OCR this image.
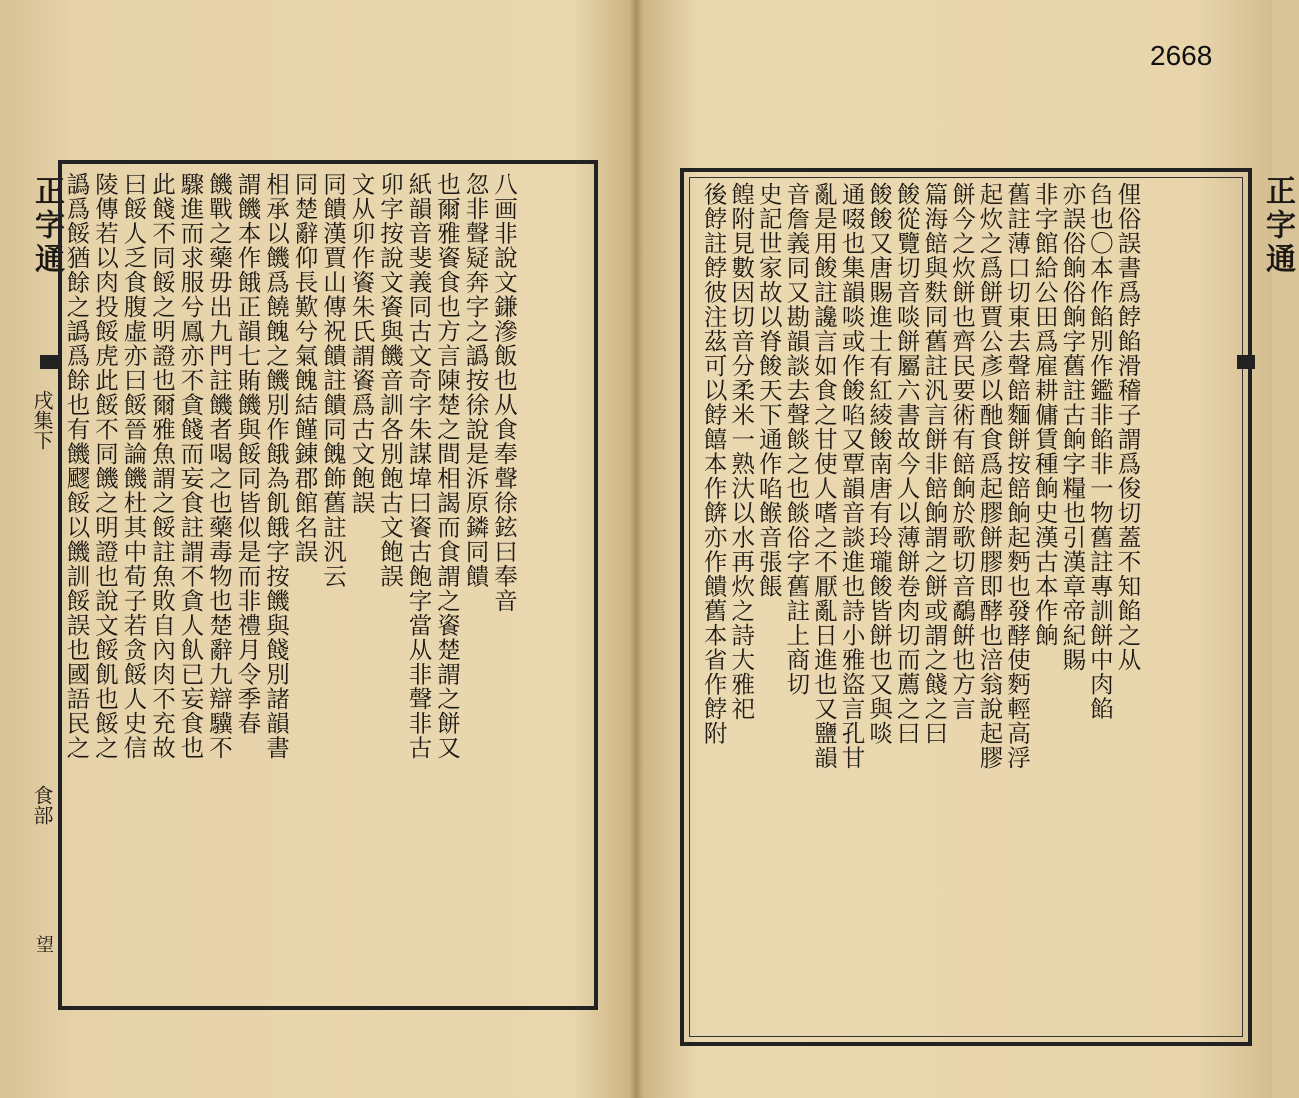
2668
正字通
戌集下
食部
望
八画非說文鎌滲飯也从食奉聲徐鉉曰奉音
忽非聲疑奔字之譌按徐說是泝原鏻同饋
也爾雅餈食也方言陳楚之間相謁而食謂之餈楚謂之餅又
紙韻音斐義同古文奇字朱謀㙔曰餈古飽字當从非聲非古
卯字按說文餈與饑音訓各別飽古文飽誤
文从卯作餈朱氏謂餈爲古文飽誤
同饋漢賈山傳祝饋註饋同餽飾舊註汎云
同楚辭仰長歎兮氣餽結饉錬郡館名誤
相承以饑爲饒餽之饑別作餓為飢餓字按饑與餞別諸韻書
謂饑本作餓正韻七賄饑與餒同皆似是而非禮月令季春
饑戰之藥毋出九門註饑者喝之也藥毒物也楚辭九辯驥不
驟進而求服兮鳳亦不貪餞而妄食註謂不貪人飤已妄食也
此餞不同餒之明證也爾雅魚謂之餒註魚敗自內肉不充故
曰餒人乏食腹虛亦曰餒晉論饑杜其中荀子若贪餒人史信
陵傳若以肉投餒虎此餒不同饑之明證也說文餒飢也餒之
譌爲餒猶餘之譌爲餘也有饑飂餒以饑訓餒誤也國語民之	正字通
俚俗誤書爲餑餡滑稽子謂爲俊切蓋不知餡之从
臽也〇本作餡別作鑑非餡非一物舊註專訓餅中肉餡
亦誤俗餉俗餉字舊註古餉字糧也引漢章帝紀賜
非字館給公田爲雇耕傭賃種餉史漢古本作餉
舊註薄口切東去聲餢麵餅按餢餉起麪也發酵使麪輕高浮
起炊之爲餅賈公彥以酏食爲起膠餅膠即酵也涪翁說起膠
餅今之炊餅也齊民要術有餢餉於歌切音鷸餠也方言
篇海餢與麩同舊註汎言餅非餢餉謂之餅或謂之餞之曰
餕從覽切音啖餅屬六書故今人以薄餅卷肉切而薦之曰
餕餕又唐賜進士有紅綾餕南唐有玲瓏餕皆餅也又與啖
通啜也集韻啖或作餕啗又覃韻音談進也詩小雅盜言孔甘
亂是用餕註讒言如食之甘使人嗜之不厭亂日進也又鹽韻
音詹義同又勘韻談去聲餤之也餤俗字舊註上商切
史記世家故以脊餕天下通作啗餱音張餦
餭附見數因切音分柔米一熟汏以水再炊之詩大雅祀
後餑註餑彼注茲可以餑饎本作餴亦作饋舊本省作餑附
